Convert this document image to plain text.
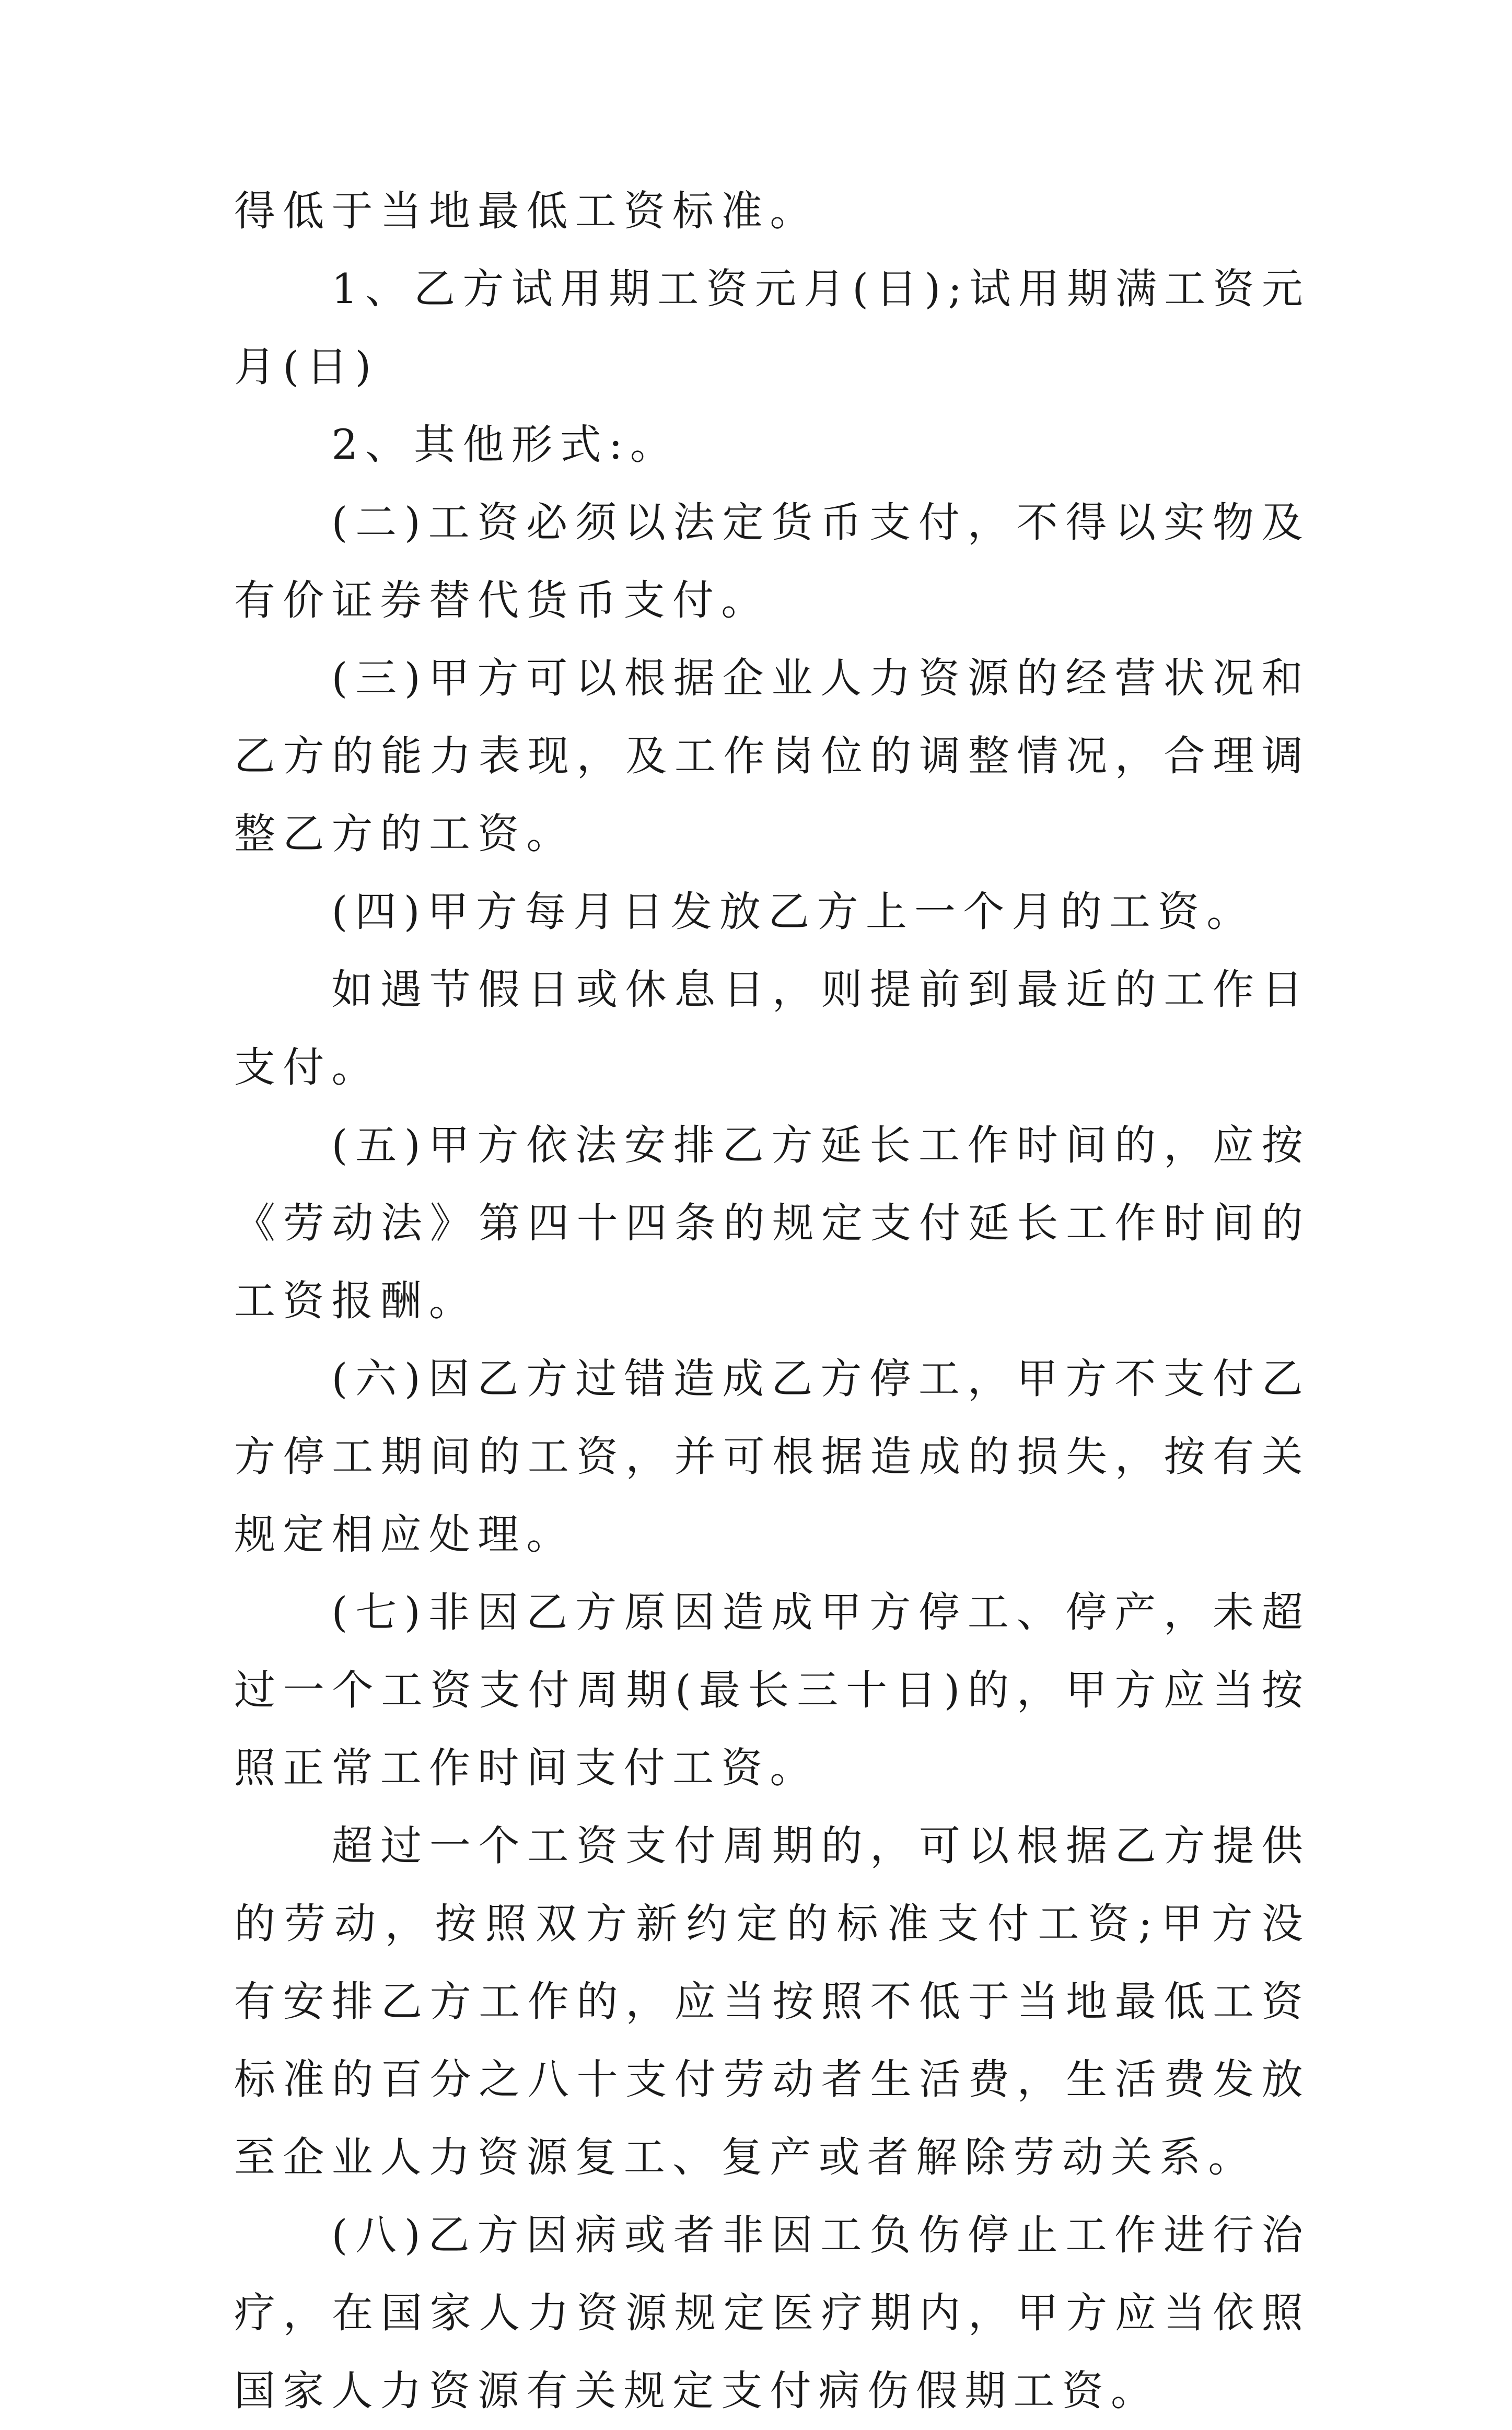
得低于当地最低工资标准。

1、乙方试用期工资元月(日);试用期满工资元月(日)

2、其他形式:。

(二)工资必须以法定货币支付，不得以实物及有价证券替代货币支付。

(三)甲方可以根据企业人力资源的经营状况和乙方的能力表现，及工作岗位的调整情况，合理调整乙方的工资。

(四)甲方每月日发放乙方上一个月的工资。

如遇节假日或休息日，则提前到最近的工作日支付。

(五)甲方依法安排乙方延长工作时间的，应按《劳动法》第四十四条的规定支付延长工作时间的工资报酬。

(六)因乙方过错造成乙方停工，甲方不支付乙方停工期间的工资，并可根据造成的损失，按有关规定相应处理。

(七)非因乙方原因造成甲方停工、停产，未超过一个工资支付周期(最长三十日)的，甲方应当按照正常工作时间支付工资。

超过一个工资支付周期的，可以根据乙方提供的劳动，按照双方新约定的标准支付工资;甲方没有安排乙方工作的，应当按照不低于当地最低工资标准的百分之八十支付劳动者生活费，生活费发放至企业人力资源复工、复产或者解除劳动关系。

(八)乙方因病或者非因工负伤停止工作进行治疗，在国家人力资源规定医疗期内，甲方应当依照国家人力资源有关规定支付病伤假期工资。
